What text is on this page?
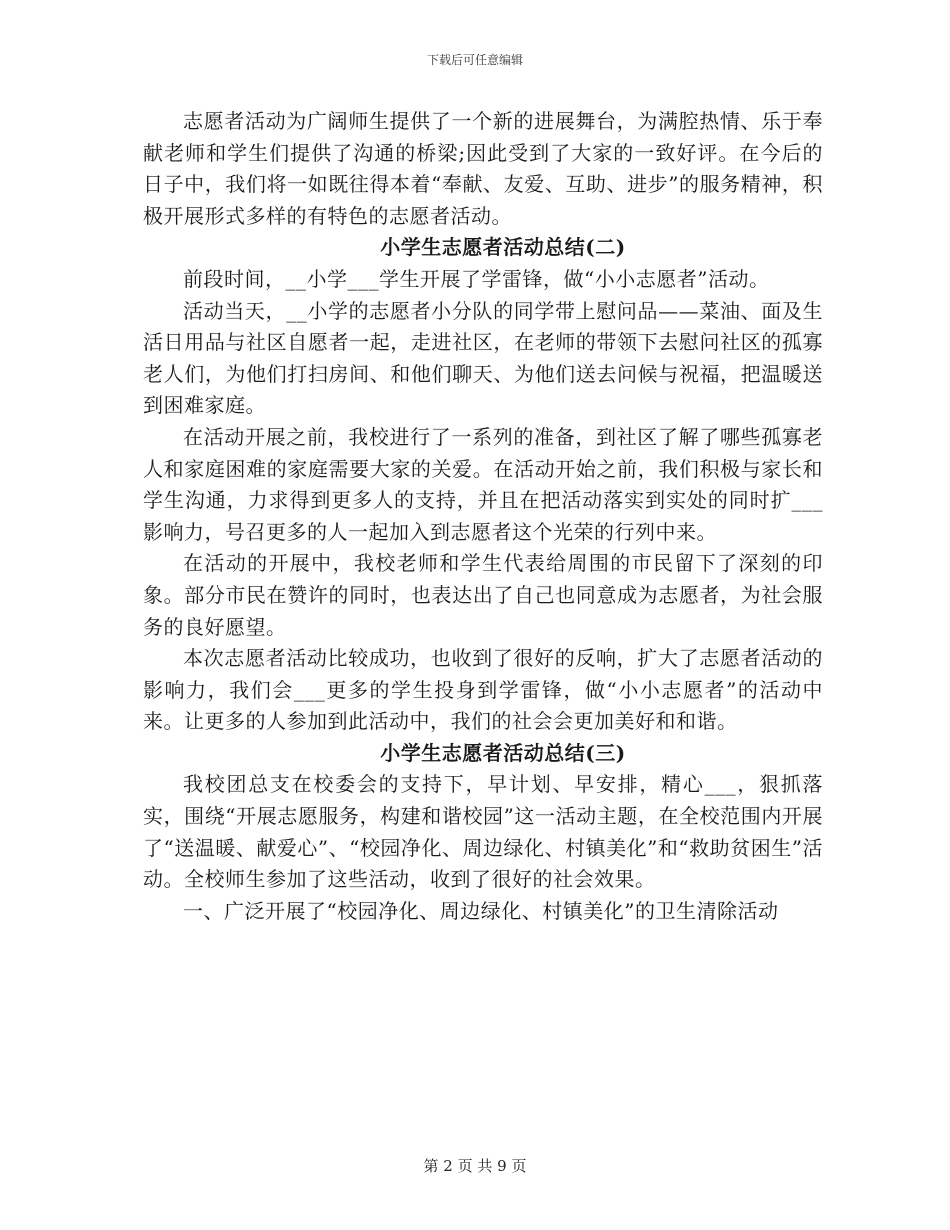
下载后可任意编辑

志愿者活动为广阔师生提供了一个新的进展舞台，为满腔热情、乐于奉献老师和学生们提供了沟通的桥梁;因此受到了大家的一致好评。在今后的日子中，我们将一如既往得本着“奉献、友爱、互助、进步”的服务精神，积极开展形式多样的有特色的志愿者活动。

小学生志愿者活动总结(二)

前段时间，__小学___学生开展了学雷锋，做“小小志愿者”活动。

活动当天，__小学的志愿者小分队的同学带上慰问品——菜油、面及生活日用品与社区自愿者一起，走进社区，在老师的带领下去慰问社区的孤寡老人们，为他们打扫房间、和他们聊天、为他们送去问候与祝福，把温暖送到困难家庭。

在活动开展之前，我校进行了一系列的准备，到社区了解了哪些孤寡老人和家庭困难的家庭需要大家的关爱。在活动开始之前，我们积极与家长和学生沟通，力求得到更多人的支持，并且在把活动落实到实处的同时扩___影响力，号召更多的人一起加入到志愿者这个光荣的行列中来。

在活动的开展中，我校老师和学生代表给周围的市民留下了深刻的印象。部分市民在赞许的同时，也表达出了自己也同意成为志愿者，为社会服务的良好愿望。

本次志愿者活动比较成功，也收到了很好的反响，扩大了志愿者活动的影响力，我们会___更多的学生投身到学雷锋，做“小小志愿者”的活动中来。让更多的人参加到此活动中，我们的社会会更加美好和和谐。

小学生志愿者活动总结(三)

我校团总支在校委会的支持下，早计划、早安排，精心___，狠抓落实，围绕“开展志愿服务，构建和谐校园”这一活动主题，在全校范围内开展了“送温暖、献爱心”、“校园净化、周边绿化、村镇美化”和“救助贫困生”活动。全校师生参加了这些活动，收到了很好的社会效果。

一、广泛开展了“校园净化、周边绿化、村镇美化”的卫生清除活动

第 2 页 共 9 页
